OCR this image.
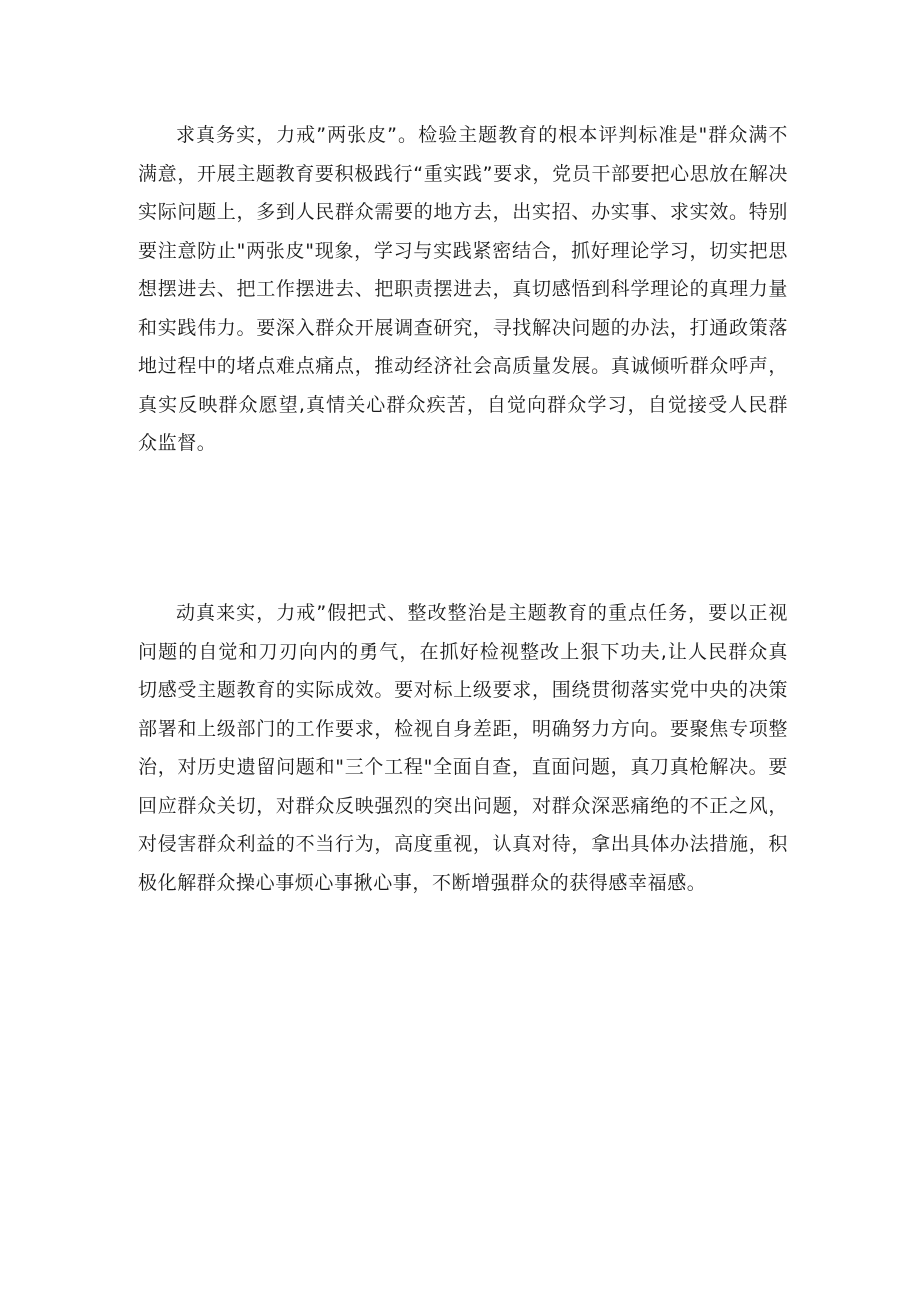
求真务实，力戒”两张皮”。检验主题教育的根本评判标准是"群众满不满意，开展主题教育要积极践行“重实践”要求，党员干部要把心思放在解决实际问题上，多到人民群众需要的地方去，出实招、办实事、求实效。特别要注意防止"两张皮"现象，学习与实践紧密结合，抓好理论学习，切实把思想摆进去、把工作摆进去、把职责摆进去，真切感悟到科学理论的真理力量和实践伟力。要深入群众开展调查研究，寻找解决问题的办法，打通政策落地过程中的堵点难点痛点，推动经济社会高质量发展。真诚倾听群众呼声，真实反映群众愿望,真情关心群众疾苦，自觉向群众学习，自觉接受人民群众监督。

动真来实，力戒”假把式、整改整治是主题教育的重点任务，要以正视问题的自觉和刀刃向内的勇气，在抓好检视整改上狠下功夫,让人民群众真切感受主题教育的实际成效。要对标上级要求，围绕贯彻落实党中央的决策部署和上级部门的工作要求，检视自身差距，明确努力方向。要聚焦专项整治，对历史遗留问题和"三个工程"全面自查，直面问题，真刀真枪解决。要回应群众关切，对群众反映强烈的突出问题，对群众深恶痛绝的不正之风，对侵害群众利益的不当行为，高度重视，认真对待，拿出具体办法措施，积极化解群众操心事烦心事揪心事，不断增强群众的获得感幸福感。
